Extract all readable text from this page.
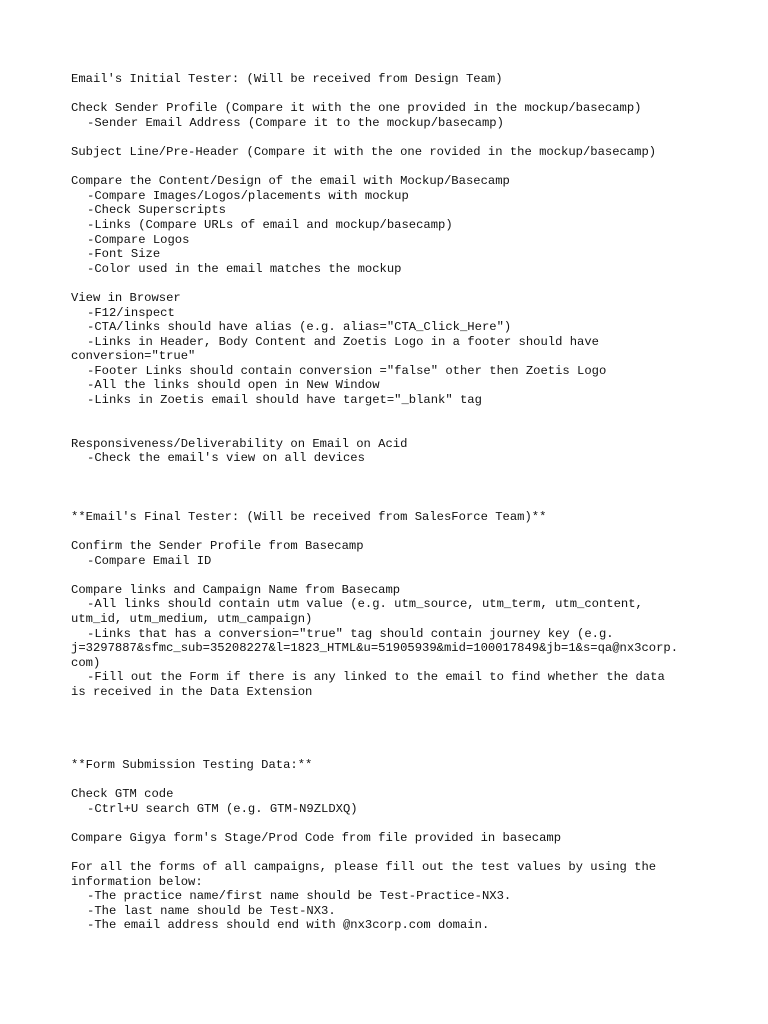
Email's Initial Tester: (Will be received from Design Team)
Check Sender Profile (Compare it with the one provided in the mockup/basecamp)
-Sender Email Address (Compare it to the mockup/basecamp)
Subject Line/Pre-Header (Compare it with the one rovided in the mockup/basecamp)
Compare the Content/Design of the email with Mockup/Basecamp
-Compare Images/Logos/placements with mockup
-Check Superscripts
-Links (Compare URLs of email and mockup/basecamp)
-Compare Logos
-Font Size
-Color used in the email matches the mockup
View in Browser
-F12/inspect
-CTA/links should have alias (e.g. alias="CTA_Click_Here")
-Links in Header, Body Content and Zoetis Logo in a footer should have
conversion="true"
-Footer Links should contain conversion ="false" other then Zoetis Logo
-All the links should open in New Window
-Links in Zoetis email should have target="_blank" tag
Responsiveness/Deliverability on Email on Acid
-Check the email's view on all devices
**Email's Final Tester: (Will be received from SalesForce Team)**
Confirm the Sender Profile from Basecamp
-Compare Email ID
Compare links and Campaign Name from Basecamp
-All links should contain utm value (e.g. utm_source, utm_term, utm_content,
utm_id, utm_medium, utm_campaign)
-Links that has a conversion="true" tag should contain journey key (e.g.
j=3297887&sfmc_sub=35208227&l=1823_HTML&u=51905939&mid=100017849&jb=1&s=qa@nx3corp.
com)
-Fill out the Form if there is any linked to the email to find whether the data
is received in the Data Extension
**Form Submission Testing Data:**
Check GTM code
-Ctrl+U search GTM (e.g. GTM-N9ZLDXQ)
Compare Gigya form's Stage/Prod Code from file provided in basecamp
For all the forms of all campaigns, please fill out the test values by using the
information below:
-The practice name/first name should be Test-Practice-NX3.
-The last name should be Test-NX3.
-The email address should end with @nx3corp.com domain.
